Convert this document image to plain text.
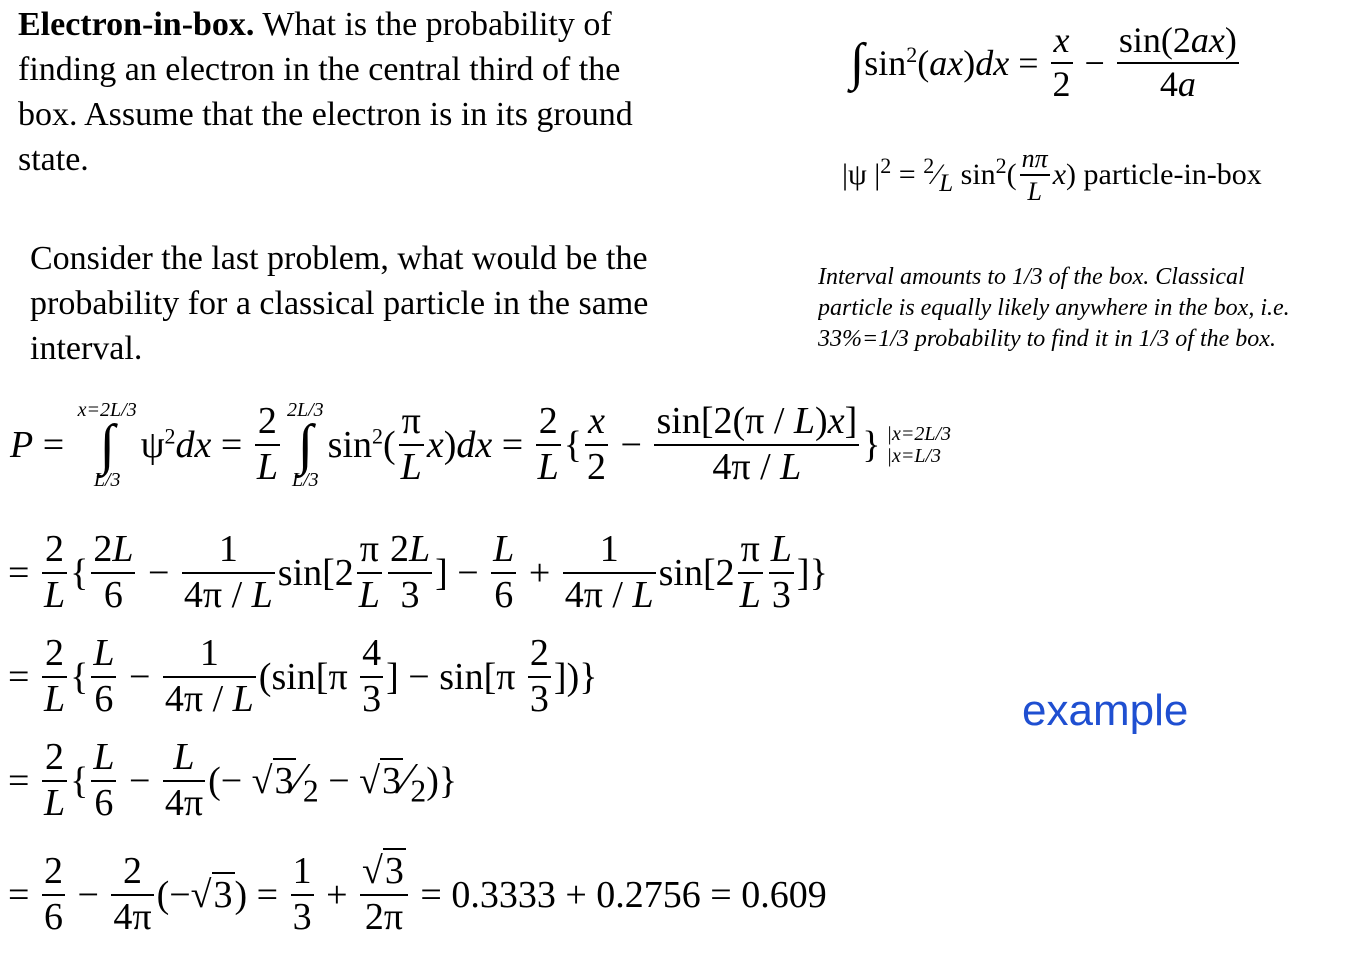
Electron-in-box. What is the probability of finding an electron in the central third of the box. Assume that the electron is in its ground state.
Consider the last problem, what would be the probability for a classical particle in the same interval.
∫ $\sin^2(ax)dx = \frac{x}{2} - \frac{\sin(2ax)}{4a}$
|ψ $|^2$ = $^2⁄_L$ $\sin^2( \frac{n\pi}{L}$ x ) particle-in-box
Interval amounts to 1/3 of the box. Classical
particle is equally likely anywhere in the box, i.e.
33%=1/3 probability to find it in 1/3 of the box.
example
P =
x=2L/3
∫
L/3
$\psi^2dx = \frac{2}{L} 2L/3$
∫
L/3
$\sin^2( \frac{\pi}{L} x)dx = \frac{2}{L}$ { $\frac{x}{2} - \frac{\sin[2(\pi / L)x]}{4\pi / L}$ } |x=2L/3
|x=L/3
= $\frac{2}{L}$ { $\frac{2L}{6} - \frac{1}{4\pi / L} \sin[2 \frac{\pi}{L} \frac{2L}{3}$ ] − $\frac{L}{6} + \frac{1}{4\pi / L} \sin[2 \frac{\pi}{L} \frac{L}{3}$ ]}
= $\frac{2}{L}$ { $\frac{L}{6} - \frac{1}{4\pi / L} (\sin[\pi \frac{4}{3}$ ] − $\sin[\pi \frac{2}{3}$ ])}
= $\frac{2}{L}$ { $\frac{L}{6} - \frac{L}{4\pi}$ (− $√3⁄_2$ − $√3⁄_2$)}
= $\frac{2}{6} - \frac{2}{4\pi} (-√3) = \frac{1}{3} + \frac{√3}{2\pi} = 0.3333 + 0.2756 = 0.609$
